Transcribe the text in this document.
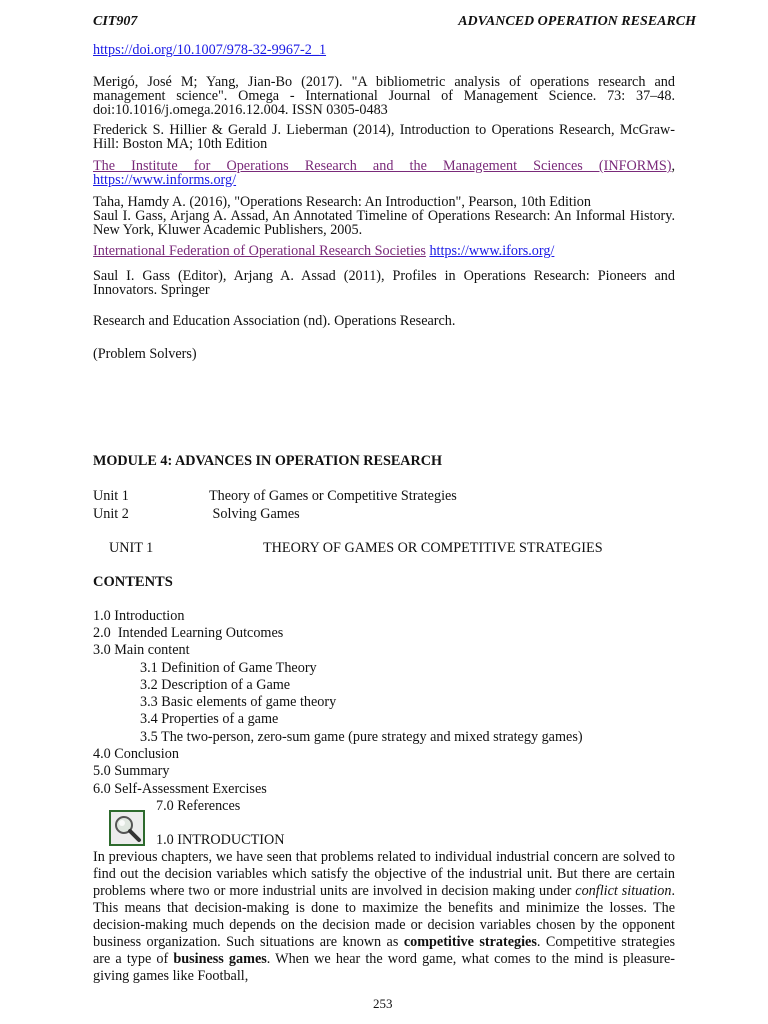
CIT907	ADVANCED OPERATION RESEARCH
https://doi.org/10.1007/978-32-9967-2_1

Merigó, José M; Yang, Jian-Bo (2017). "A bibliometric analysis of operations research and management science". Omega - International Journal of Management Science. 73: 37–48. doi:10.1016/j.omega.2016.12.004. ISSN 0305-0483

Frederick S. Hillier & Gerald J. Lieberman (2014), Introduction to Operations Research, McGraw-Hill: Boston MA; 10th Edition

The Institute for Operations Research and the Management Sciences (INFORMS), https://www.informs.org/

Taha, Hamdy A. (2016), "Operations Research: An Introduction", Pearson, 10th Edition

Saul I. Gass, Arjang A. Assad, An Annotated Timeline of Operations Research: An Informal History. New York, Kluwer Academic Publishers, 2005.

International Federation of Operational Research Societies https://www.ifors.org/

Saul I. Gass (Editor), Arjang A. Assad (2011), Profiles in Operations Research: Pioneers and Innovators. Springer

Research and Education Association (nd). Operations Research.

(Problem Solvers)

MODULE 4: ADVANCES IN OPERATION RESEARCH

Unit 1	Theory of Games or Competitive Strategies
Unit 2	Solving Games
UNIT 1	THEORY OF GAMES OR COMPETITIVE STRATEGIES
CONTENTS
1.0 Introduction
2.0  Intended Learning Outcomes
3.0 Main content
3.1 Definition of Game Theory
3.2 Description of a Game
3.3 Basic elements of game theory
3.4 Properties of a game
3.5 The two-person, zero-sum game (pure strategy and mixed strategy games)
4.0 Conclusion
5.0 Summary
6.0 Self-Assessment Exercises
7.0 References
1.0 INTRODUCTION

In previous chapters, we have seen that problems related to individual industrial concern are solved to find out the decision variables which satisfy the objective of the industrial unit. But there are certain problems where two or more industrial units are involved in decision making under conflict situation. This means that decision-making is done to maximize the benefits and minimize the losses. The decision-making much depends on the decision made or decision variables chosen by the opponent business organization. Such situations are known as competitive strategies. Competitive strategies are a type of business games. When we hear the word game, what comes to the mind is pleasure-giving games like Football,

253
